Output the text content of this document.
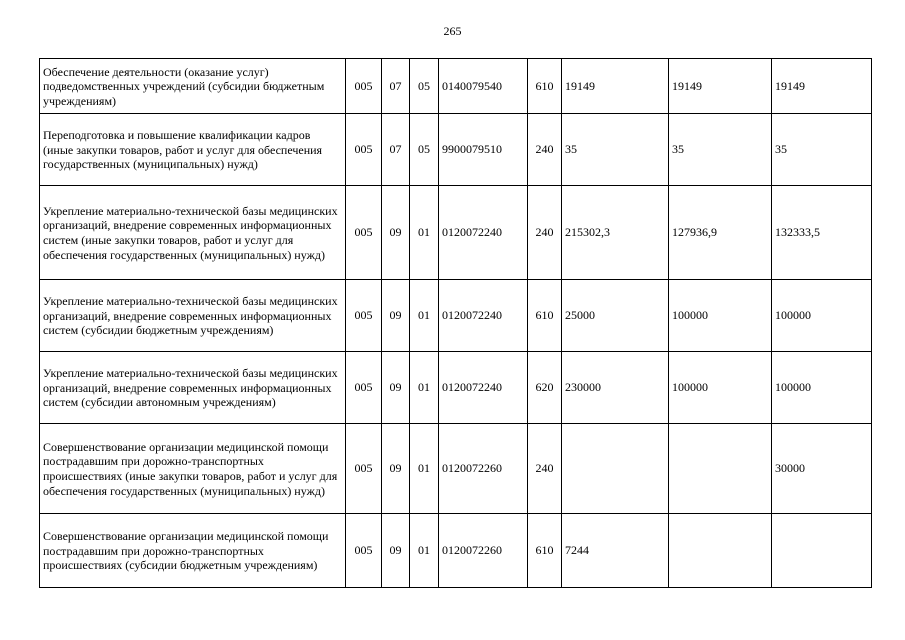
265
Обеспечение деятельности (оказание услуг) подведомственных учреждений (субсидии бюджетным учреждениям)	005	07	05	0140079540	610	19149	19149	19149
Переподготовка и повышение квалификации кадров (иные закупки товаров, работ и услуг для обеспечения государственных (муниципальных) нужд)	005	07	05	9900079510	240	35	35	35
Укрепление материально-технической базы медицинских организаций, внедрение современных информационных систем (иные закупки товаров, работ и услуг для обеспечения государственных (муниципальных) нужд)	005	09	01	0120072240	240	215302,3	127936,9	132333,5
Укрепление материально-технической базы медицинских организаций, внедрение современных информационных систем (субсидии бюджетным учреждениям)	005	09	01	0120072240	610	25000	100000	100000
Укрепление материально-технической базы медицинских организаций, внедрение современных информационных систем (субсидии автономным учреждениям)	005	09	01	0120072240	620	230000	100000	100000
Совершенствование организации медицинской помощи пострадавшим при дорожно-транспортных происшествиях (иные закупки товаров, работ и услуг для обеспечения государственных (муниципальных) нужд)	005	09	01	0120072260	240			30000
Совершенствование организации медицинской помощи пострадавшим при дорожно-транспортных происшествиях (субсидии бюджетным учреждениям)	005	09	01	0120072260	610	7244		
